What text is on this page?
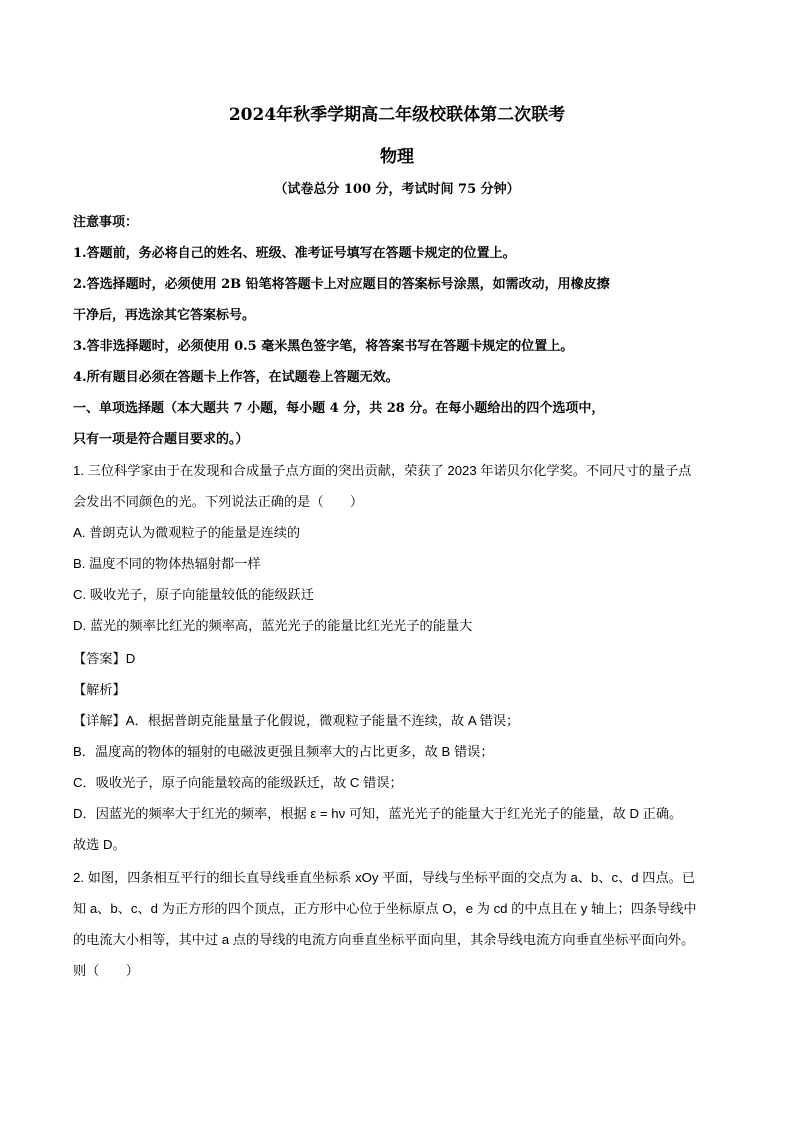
2024年秋季学期高二年级校联体第二次联考
物理
（试卷总分 100 分，考试时间 75 分钟）
注意事项：
1.答题前，务必将自己的姓名、班级、准考证号填写在答题卡规定的位置上。
2.答选择题时，必须使用 2B 铅笔将答题卡上对应题目的答案标号涂黑，如需改动，用橡皮擦
干净后，再选涂其它答案标号。
3.答非选择题时，必须使用 0.5 毫米黑色签字笔，将答案书写在答题卡规定的位置上。
4.所有题目必须在答题卡上作答，在试题卷上答题无效。
一、单项选择题（本大题共 7 小题，每小题 4 分，共 28 分。在每小题给出的四个选项中，
只有一项是符合题目要求的。）
1. 三位科学家由于在发现和合成量子点方面的突出贡献，荣获了 2023 年诺贝尔化学奖。不同尺寸的量子点
会发出不同颜色的光。下列说法正确的是（　　）
A. 普朗克认为微观粒子的能量是连续的
B. 温度不同的物体热辐射都一样
C. 吸收光子，原子向能量较低的能级跃迁
D. 蓝光的频率比红光的频率高，蓝光光子的能量比红光光子的能量大
【答案】D
【解析】
【详解】A．根据普朗克能量量子化假说，微观粒子能量不连续，故 A 错误；
B．温度高的物体的辐射的电磁波更强且频率大的占比更多，故 B 错误；
C．吸收光子，原子向能量较高的能级跃迁，故 C 错误；
D．因蓝光的频率大于红光的频率，根据 ε = hν 可知，蓝光光子的能量大于红光光子的能量，故 D 正确。
故选 D。
2. 如图，四条相互平行的细长直导线垂直坐标系 xOy 平面，导线与坐标平面的交点为 a、b、c、d 四点。已
知 a、b、c、d 为正方形的四个顶点，正方形中心位于坐标原点 O，e 为 cd 的中点且在 y 轴上；四条导线中
的电流大小相等，其中过 a 点的导线的电流方向垂直坐标平面向里，其余导线电流方向垂直坐标平面向外。
则（　　）
